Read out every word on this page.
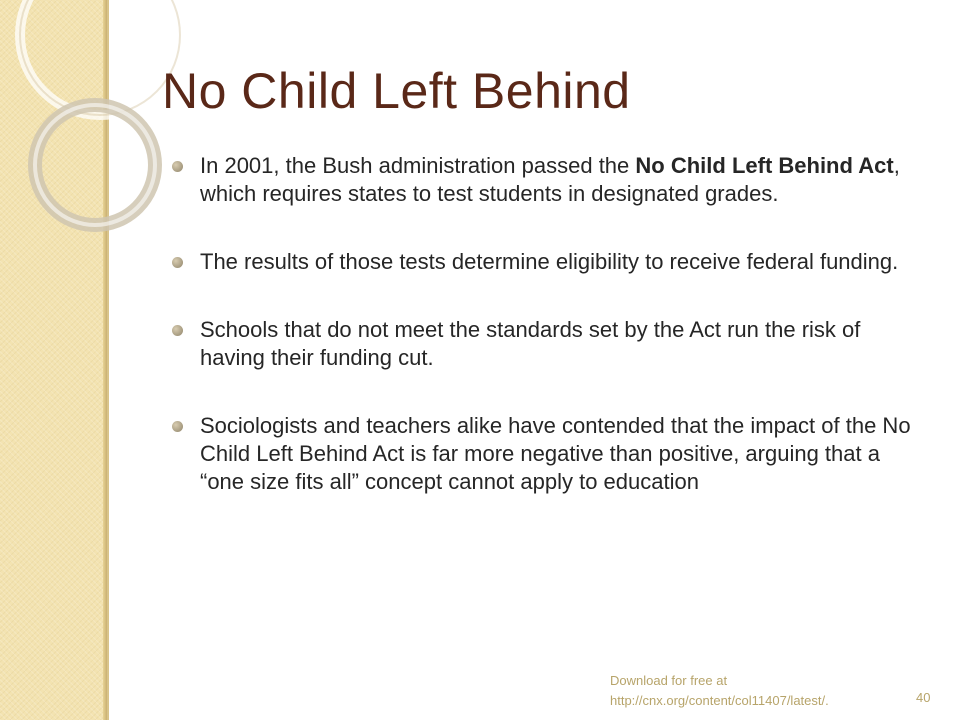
No Child Left Behind
In 2001, the Bush administration passed the No Child Left Behind Act, which requires states to test students in designated grades.
The results of those tests determine eligibility to receive federal funding.
Schools that do not meet the standards set by the Act run the risk of having their funding cut.
Sociologists and teachers alike have contended that the impact of the No Child Left Behind Act is far more negative than positive, arguing that a “one size fits all” concept cannot apply to education
Download for free at
http://cnx.org/content/col11407/latest/.	40
